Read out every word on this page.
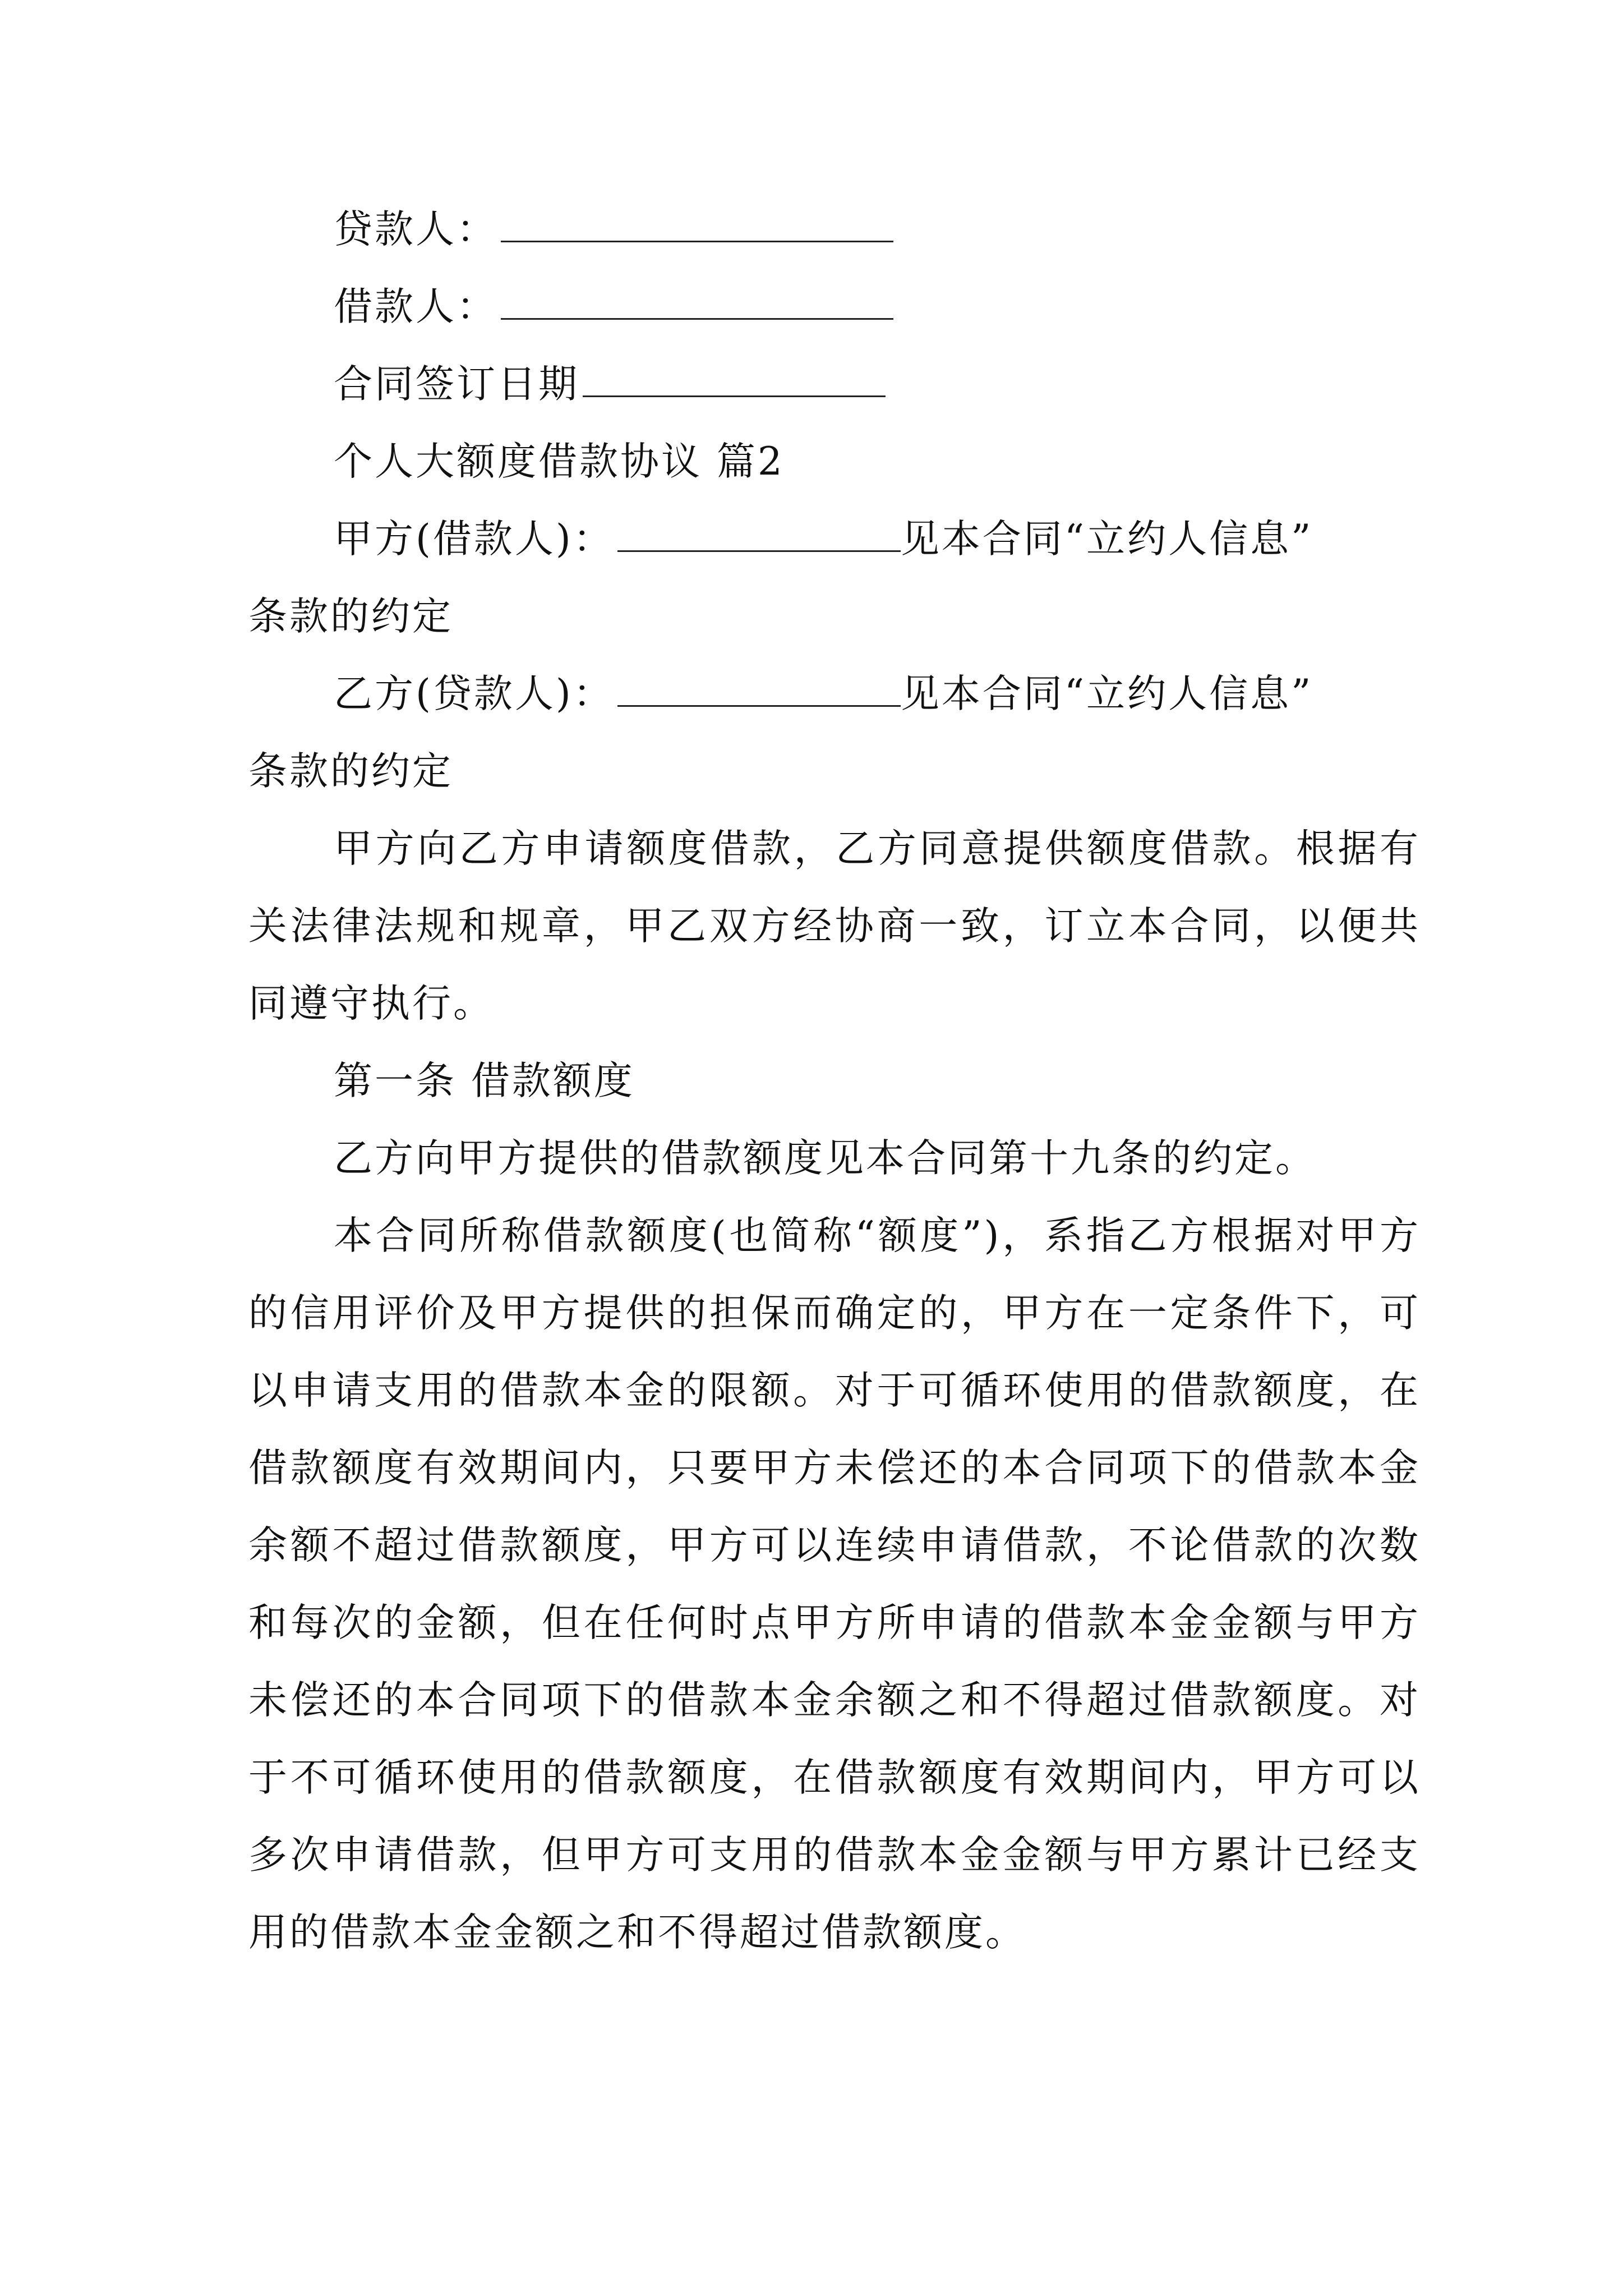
贷款人：
借款人：
合同签订日期
个人大额度借款协议 篇2
甲方(借款人)：	见本合同“立约人信息”
条款的约定
乙方(贷款人)：	见本合同“立约人信息”
条款的约定

甲方向乙方申请额度借款，乙方同意提供额度借款。根据有关法律法规和规章，甲乙双方经协商一致，订立本合同，以便共同遵守执行。

第一条 借款额度

乙方向甲方提供的借款额度见本合同第十九条的约定。

本合同所称借款额度(也简称“额度”)，系指乙方根据对甲方的信用评价及甲方提供的担保而确定的，甲方在一定条件下，可以申请支用的借款本金的限额。对于可循环使用的借款额度，在借款额度有效期间内，只要甲方未偿还的本合同项下的借款本金余额不超过借款额度，甲方可以连续申请借款，不论借款的次数和每次的金额，但在任何时点甲方所申请的借款本金金额与甲方未偿还的本合同项下的借款本金余额之和不得超过借款额度。对于不可循环使用的借款额度，在借款额度有效期间内，甲方可以多次申请借款，但甲方可支用的借款本金金额与甲方累计已经支用的借款本金金额之和不得超过借款额度。
